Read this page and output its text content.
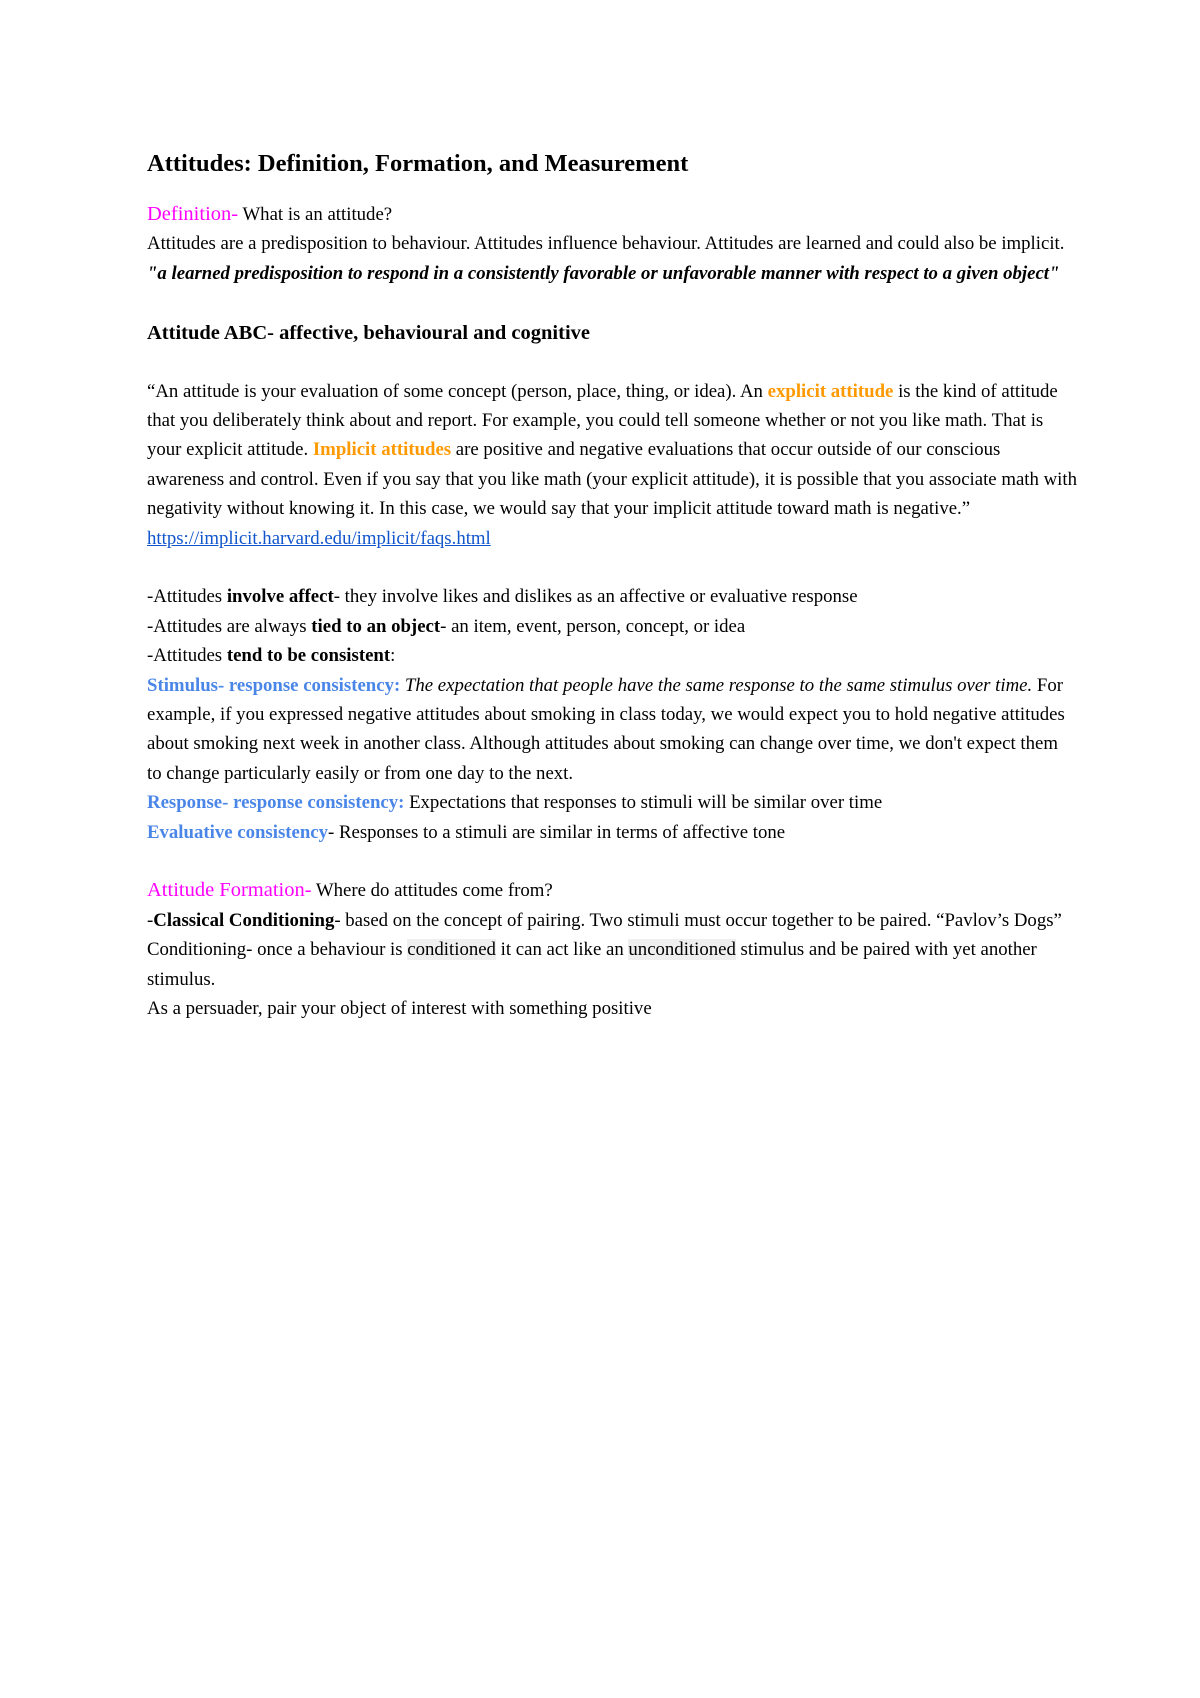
Attitudes: Definition, Formation, and Measurement

Definition- What is an attitude?
Attitudes are a predisposition to behaviour. Attitudes influence behaviour. Attitudes are learned and could also be implicit. "a learned predisposition to respond in a consistently favorable or unfavorable manner with respect to a given object"

Attitude ABC- affective, behavioural and cognitive

“An attitude is your evaluation of some concept (person, place, thing, or idea). An explicit attitude is the kind of attitude that you deliberately think about and report. For example, you could tell someone whether or not you like math. That is your explicit attitude. Implicit attitudes are positive and negative evaluations that occur outside of our conscious awareness and control. Even if you say that you like math (your explicit attitude), it is possible that you associate math with negativity without knowing it. In this case, we would say that your implicit attitude toward math is negative.”
https://implicit.harvard.edu/implicit/faqs.html

-Attitudes involve affect- they involve likes and dislikes as an affective or evaluative response
-Attitudes are always tied to an object- an item, event, person, concept, or idea
-Attitudes tend to be consistent:
Stimulus- response consistency: The expectation that people have the same response to the same stimulus over time. For example, if you expressed negative attitudes about smoking in class today, we would expect you to hold negative attitudes about smoking next week in another class. Although attitudes about smoking can change over time, we don't expect them to change particularly easily or from one day to the next.
Response- response consistency: Expectations that responses to stimuli will be similar over time
Evaluative consistency- Responses to a stimuli are similar in terms of affective tone

Attitude Formation- Where do attitudes come from?
-Classical Conditioning- based on the concept of pairing. Two stimuli must occur together to be paired. “Pavlov’s Dogs”
Conditioning- once a behaviour is conditioned it can act like an unconditioned stimulus and be paired with yet another stimulus.
As a persuader, pair your object of interest with something positive
